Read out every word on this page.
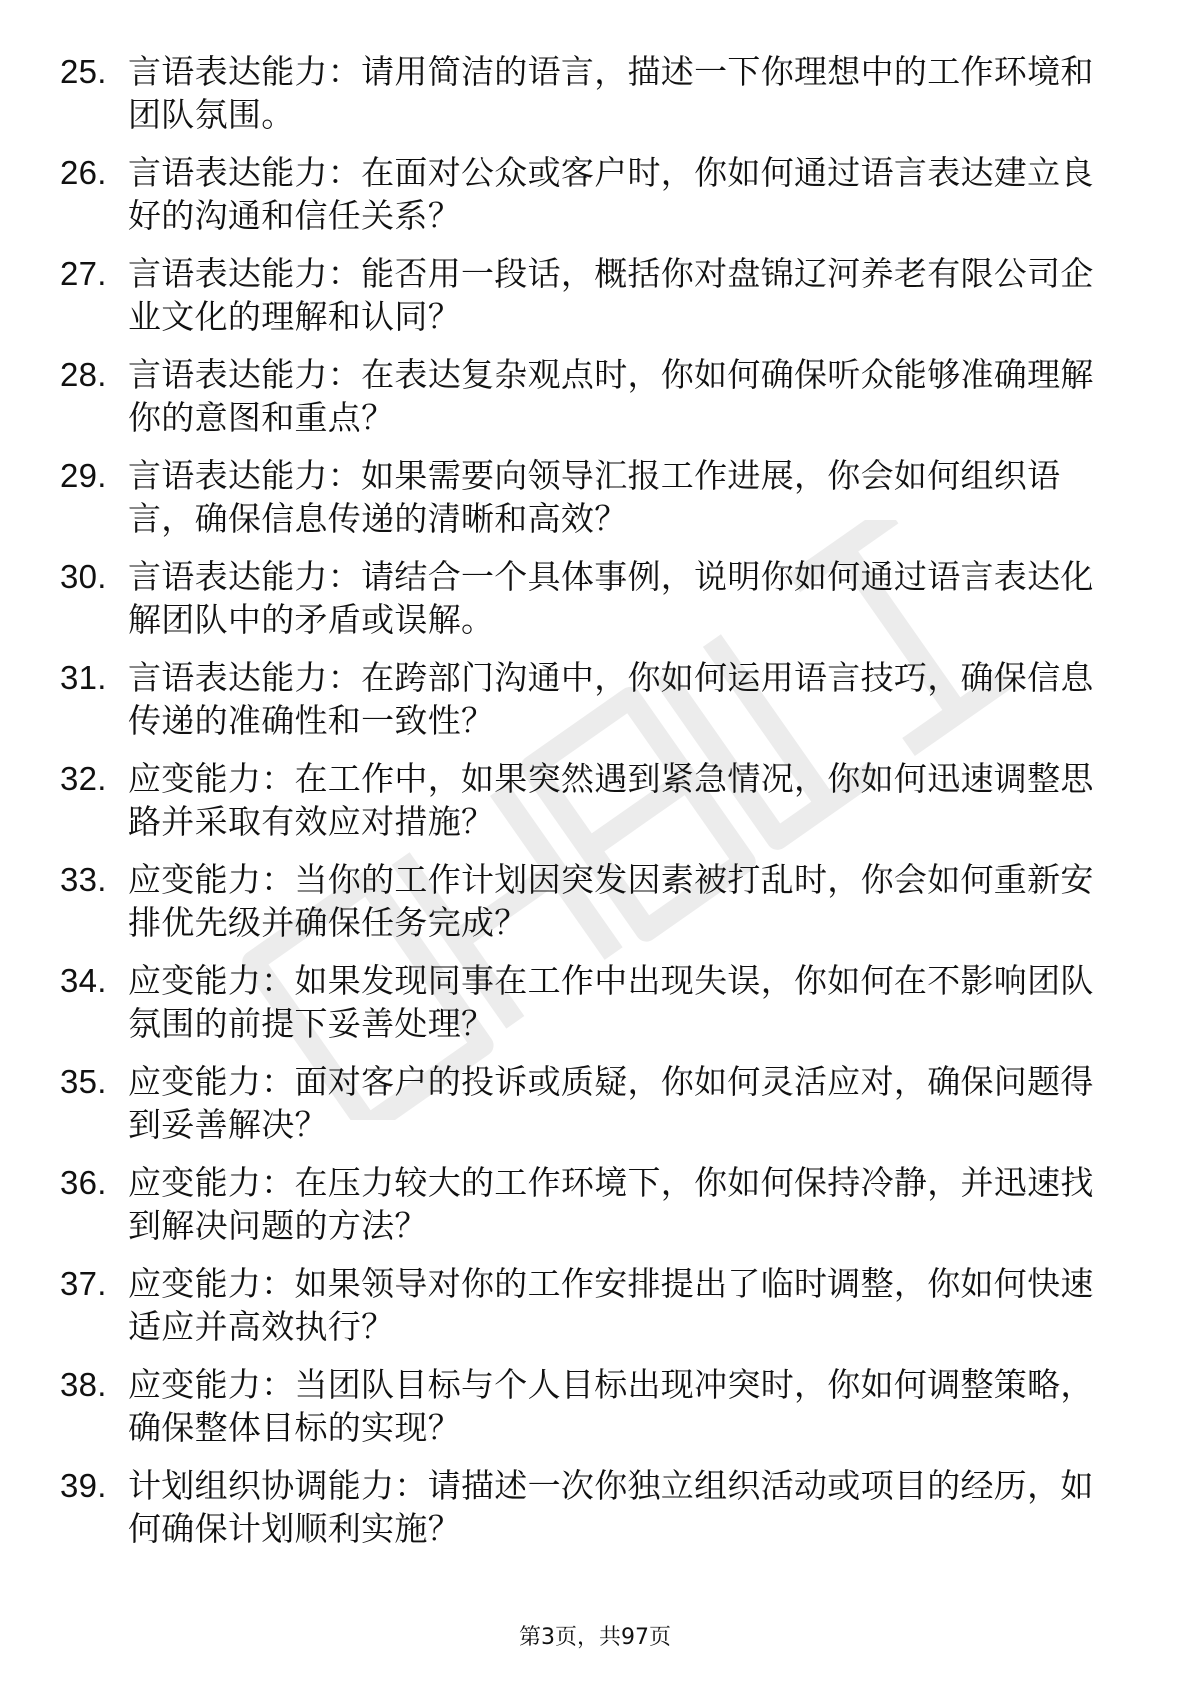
25. 言语表达能力：请用简洁的语言，描述一下你理想中的工作环境和团队氛围。
26. 言语表达能力：在面对公众或客户时，你如何通过语言表达建立良好的沟通和信任关系？
27. 言语表达能力：能否用一段话，概括你对盘锦辽河养老有限公司企业文化的理解和认同？
28. 言语表达能力：在表达复杂观点时，你如何确保听众能够准确理解你的意图和重点？
29. 言语表达能力：如果需要向领导汇报工作进展，你会如何组织语言，确保信息传递的清晰和高效？
30. 言语表达能力：请结合一个具体事例，说明你如何通过语言表达化解团队中的矛盾或误解。
31. 言语表达能力：在跨部门沟通中，你如何运用语言技巧，确保信息传递的准确性和一致性？
32. 应变能力：在工作中，如果突然遇到紧急情况，你如何迅速调整思路并采取有效应对措施？
33. 应变能力：当你的工作计划因突发因素被打乱时，你会如何重新安排优先级并确保任务完成？
34. 应变能力：如果发现同事在工作中出现失误，你如何在不影响团队氛围的前提下妥善处理？
35. 应变能力：面对客户的投诉或质疑，你如何灵活应对，确保问题得到妥善解决？
36. 应变能力：在压力较大的工作环境下，你如何保持冷静，并迅速找到解决问题的方法？
37. 应变能力：如果领导对你的工作安排提出了临时调整，你如何快速适应并高效执行？
38. 应变能力：当团队目标与个人目标出现冲突时，你如何调整策略，确保整体目标的实现？
39. 计划组织协调能力：请描述一次你独立组织活动或项目的经历，如何确保计划顺利实施？
第3页，共97页
